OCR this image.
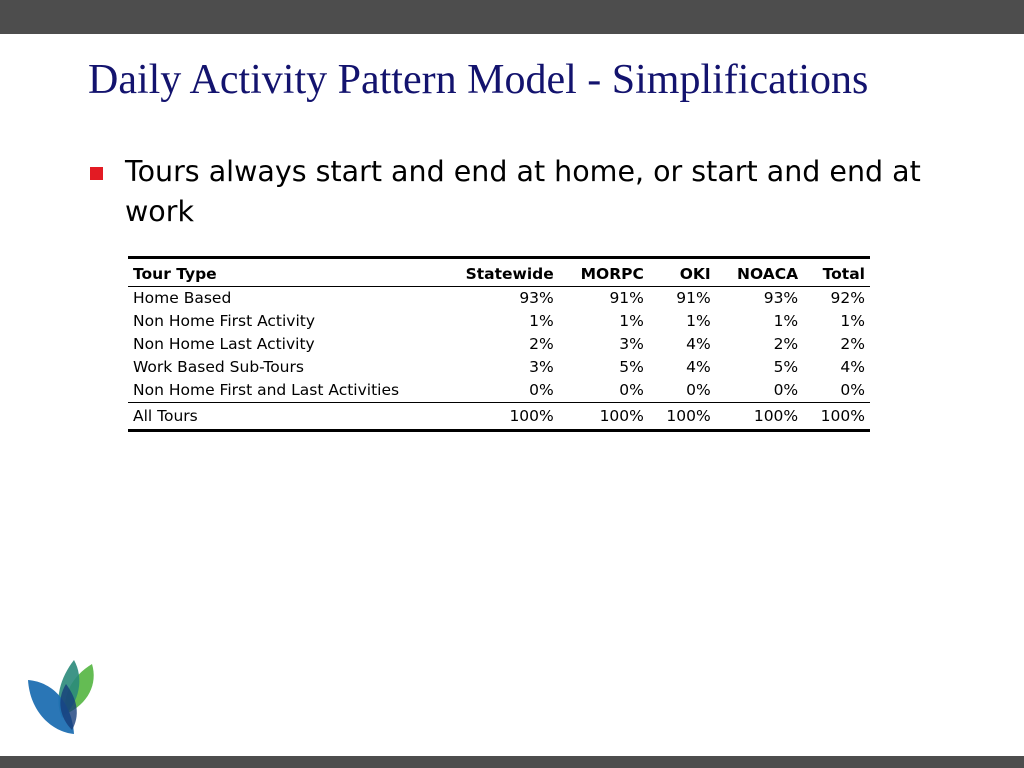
Daily Activity Pattern Model - Simplifications
Tours always start and end at home, or start and end at work
Tour Type	Statewide	MORPC	OKI	NOACA	Total
Home Based	93%	91%	91%	93%	92%
Non Home First Activity	1%	1%	1%	1%	1%
Non Home Last Activity	2%	3%	4%	2%	2%
Work Based Sub-Tours	3%	5%	4%	5%	4%
Non Home First and Last Activities	0%	0%	0%	0%	0%
All Tours	100%	100%	100%	100%	100%
